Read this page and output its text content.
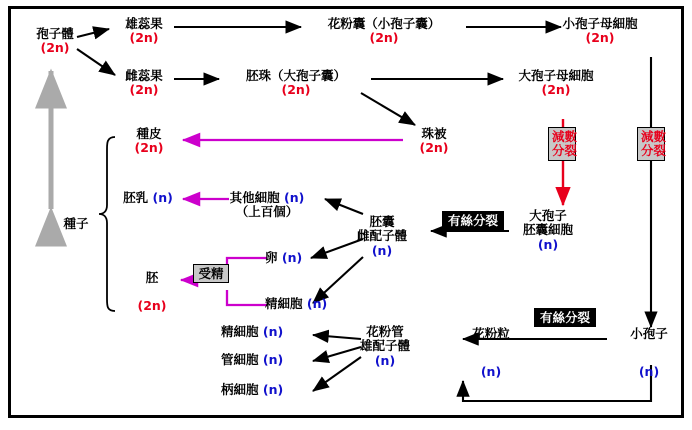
孢子體
(2n)
雄蕊果
(2n)
雌蕊果
(2n)
花粉囊（小孢子囊）
(2n)
胚珠（大孢子囊）
(2n)
小孢子母細胞
(2n)
大孢子母細胞
(2n)
珠被
(2n)
種皮
(2n)
胚乳 (n)	其他細胞 (n)
（上百個）
胚囊
雌配子體
(n)
大孢子
胚囊細胞
(n)
卵 (n)
精細胞 (n)
胚
(2n)
種子
受精
精細胞 (n)
管細胞 (n)
柄細胞 (n)
花粉管
雄配子體
(n)
花粉粒
(n)
小孢子
(n)
減數
分裂
減數
分裂
有絲分裂
有絲分裂
